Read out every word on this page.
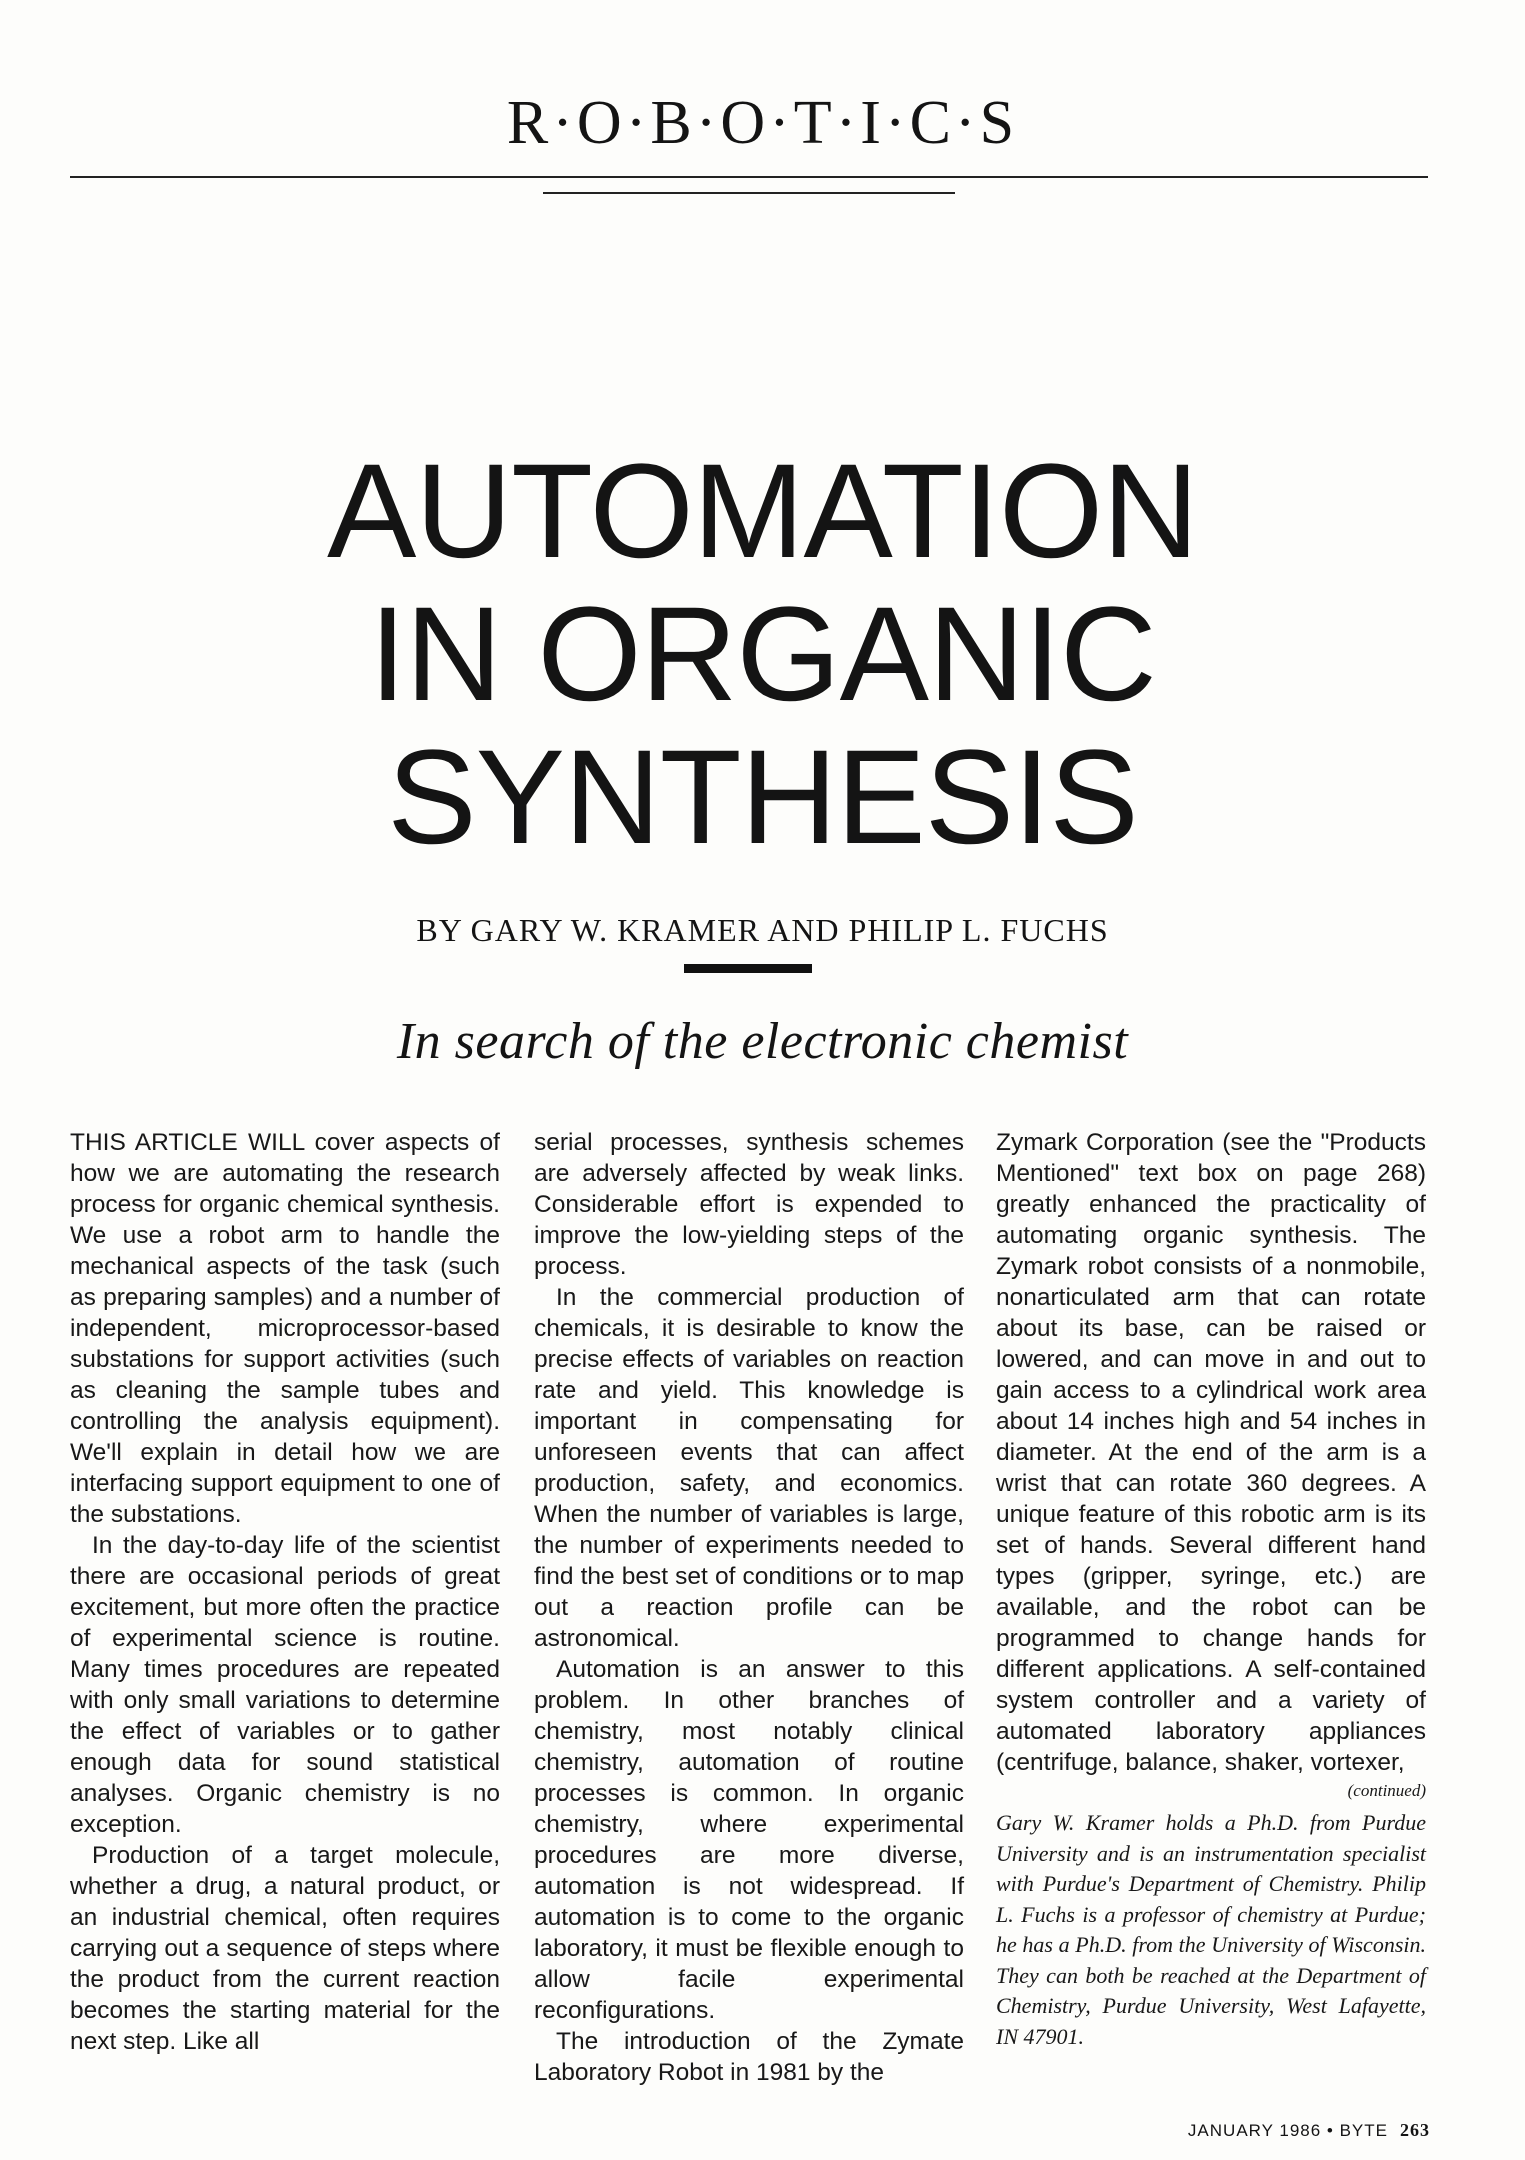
R·O·B·O·T·I·C·S
AUTOMATION
IN ORGANIC
SYNTHESIS
BY GARY W. KRAMER AND PHILIP L. FUCHS
In search of the electronic chemist

THIS ARTICLE WILL cover aspects of how we are automating the research process for organic chemical synthesis. We use a robot arm to handle the mechanical aspects of the task (such as preparing samples) and a number of independent, microprocessor-based substations for support activities (such as cleaning the sample tubes and controlling the analysis equipment). We'll explain in detail how we are interfacing support equipment to one of the substations.

In the day-to-day life of the scientist there are occasional periods of great excitement, but more often the practice of experimental science is routine. Many times procedures are repeated with only small variations to determine the effect of variables or to gather enough data for sound statistical analyses. Organic chemistry is no exception.

Production of a target molecule, whether a drug, a natural product, or an industrial chemical, often requires carrying out a sequence of steps where the product from the current reaction becomes the starting material for the next step. Like all

serial processes, synthesis schemes are adversely affected by weak links. Considerable effort is expended to improve the low-yielding steps of the process.

In the commercial production of chemicals, it is desirable to know the precise effects of variables on reaction rate and yield. This knowledge is important in compensating for unforeseen events that can affect production, safety, and economics. When the number of variables is large, the number of experiments needed to find the best set of conditions or to map out a reaction profile can be astronomical.

Automation is an answer to this problem. In other branches of chemistry, most notably clinical chemistry, automation of routine processes is common. In organic chemistry, where experimental procedures are more diverse, automation is not widespread. If automation is to come to the organic laboratory, it must be flexible enough to allow facile experimental reconfigurations.

The introduction of the Zymate Laboratory Robot in 1981 by the

Zymark Corporation (see the "Products Mentioned" text box on page 268) greatly enhanced the practicality of automating organic synthesis. The Zymark robot consists of a nonmobile, nonarticulated arm that can rotate about its base, can be raised or lowered, and can move in and out to gain access to a cylindrical work area about 14 inches high and 54 inches in diameter. At the end of the arm is a wrist that can rotate 360 degrees. A unique feature of this robotic arm is its set of hands. Several different hand types (gripper, syringe, etc.) are available, and the robot can be programmed to change hands for different applications. A self-contained system controller and a variety of automated laboratory appliances (centrifuge, balance, shaker, vortexer,

(continued)
Gary W. Kramer holds a Ph.D. from Purdue University and is an instrumentation specialist with Purdue's Department of Chemistry. Philip L. Fuchs is a professor of chemistry at Purdue; he has a Ph.D. from the University of Wisconsin. They can both be reached at the Department of Chemistry, Purdue University, West Lafayette, IN 47901.
JANUARY 1986 • BYTE 263
